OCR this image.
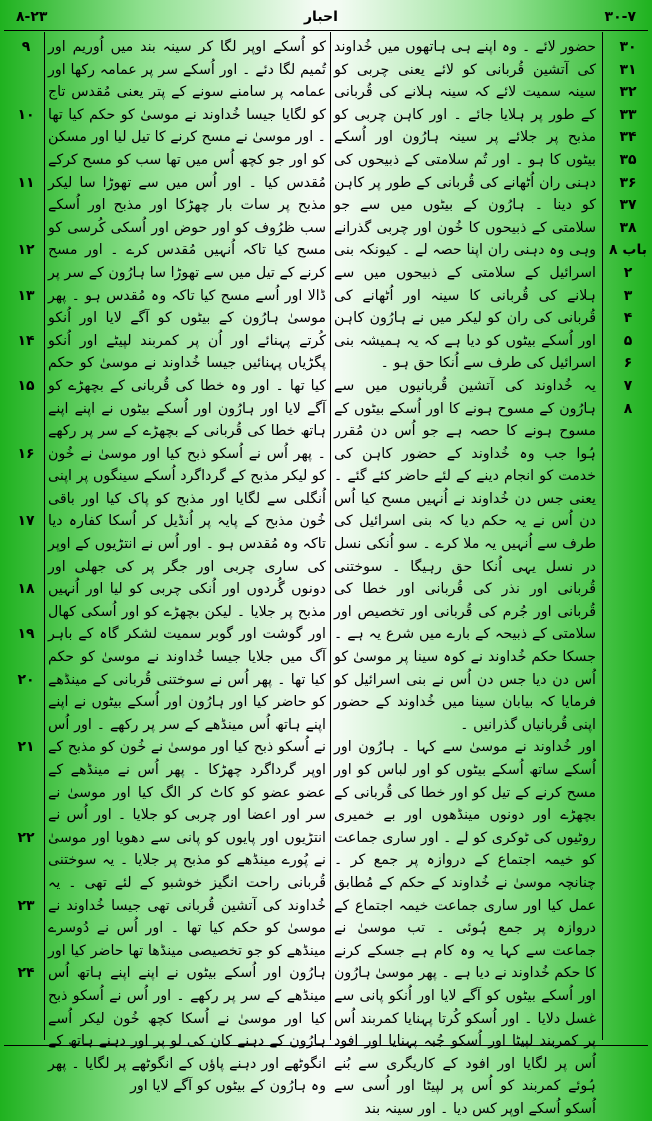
۸-۲۳	احبار	۳۰-۷
۳۰
۳۱
۳۲
۳۳
۳۴
۳۵
۳۶
۳۷
۳۸
باب ۸
۲
۳
۴
۵
۶
۷
۸
۹
۱۰
۱۱
۱۲
۱۳
۱۴
۱۵
۱۶
۱۷
۱۸
۱۹
۲۰
۲۱
۲۲
۲۳
۲۴

حضور لائے ۔ وہ اپنے ہی ہاتھوں میں خُداوند کی آتشین قُربانی کو لائے یعنی چربی کو سینہ سمیت لائے کہ سینہ ہلانے کی قُربانی کے طور پر ہلایا جائے ۔ اور کاہن چربی کو مذبح پر جلائے پر سینہ ہارُون اور اُسکے بیٹوں کا ہو ۔ اور تُم سلامتی کے ذبیحوں کی دہنی ران اُٹھانے کی قُربانی کے طور پر کاہن کو دینا ۔ ہارُون کے بیٹوں میں سے جو سلامتی کے ذبیحوں کا خُون اور چربی گذرانے وہی وہ دہنی ران اپنا حصہ لے ۔ کیونکہ بنی اسرائیل کے سلامتی کے ذبیحوں میں سے ہلانے کی قُربانی کا سینہ اور اُٹھانے کی قُربانی کی ران کو لیکر میں نے ہارُون کاہن اور اُسکے بیٹوں کو دیا ہے کہ یہ ہمیشہ بنی اسرائیل کی طرف سے اُنکا حق ہو ۔

یہ خُداوند کی آتشین قُربانیوں میں سے ہارُون کے مسوح ہونے کا اور اُسکے بیٹوں کے مسوح ہونے کا حصہ ہے جو اُس دن مُقرر ہُوا جب وہ خُداوند کے حضور کاہن کی خدمت کو انجام دینے کے لئے حاضر کئے گئے ۔ یعنی جس دن خُداوند نے اُنہیں مسح کیا اُس دن اُس نے یہ حکم دیا کہ بنی اسرائیل کی طرف سے اُنہیں یہ ملا کرے ۔ سو اُنکی نسل در نسل یہی اُنکا حق رہیگا ۔ سوختنی قُربانی اور نذر کی قُربانی اور خطا کی قُربانی اور جُرم کی قُربانی اور تخصیص اور سلامتی کے ذبیحہ کے بارے میں شرع یہ ہے ۔ جسکا حکم خُداوند نے کوہ سینا پر موسیٰ کو اُس دن دیا جس دن اُس نے بنی اسرائیل کو فرمایا کہ بیابان سینا میں خُداوند کے حضور اپنی قُربانیاں گذرانیں ۔

اور خُداوند نے موسیٰ سے کہا ۔ ہارُون اور اُسکے ساتھ اُسکے بیٹوں کو اور لباس کو اور مسح کرنے کے تیل کو اور خطا کی قُربانی کے بچھڑے اور دونوں مینڈھوں اور بے خمیری روٹیوں کی ٹوکری کو لے ۔ اور ساری جماعت کو خیمہ اجتماع کے دروازہ پر جمع کر ۔ چنانچہ موسیٰ نے خُداوند کے حکم کے مُطابق عمل کیا اور ساری جماعت خیمہ اجتماع کے دروازہ پر جمع ہُوئی ۔ تب موسیٰ نے جماعت سے کہا یہ وہ کام ہے جسکے کرنے کا حکم خُداوند نے دیا ہے ۔ پھر موسیٰ ہارُون اور اُسکے بیٹوں کو آگے لایا اور اُنکو پانی سے غسل دلایا ۔ اور اُسکو کُرتا پہنایا کمربند اُس پر کمربند لپیٹا اور اُسکو جُبہ پہنایا اور افود اُس پر لگایا اور افود کے کاریگری سے بُنے ہُوئے کمربند کو اُس پر لپیٹا اور اُسی سے اُسکو اُسکے اوپر کس دیا ۔ اور سینہ بند

کو اُسکے اوپر لگا کر سینہ بند میں اُوریم اور تُمیم لگا دئے ۔ اور اُسکے سر پر عمامہ رکھا اور عمامہ پر سامنے سونے کے پتر یعنی مُقدس تاج کو لگایا جیسا خُداوند نے موسیٰ کو حکم کیا تھا ۔ اور موسیٰ نے مسح کرنے کا تیل لیا اور مسکن کو اور جو کچھ اُس میں تھا سب کو مسح کرکے مُقدس کیا ۔ اور اُس میں سے تھوڑا سا لیکر مذبح پر سات بار چھڑکا اور مذبح اور اُسکے سب ظرُوف کو اور حوض اور اُسکی کُرسی کو مسح کیا تاکہ اُنہیں مُقدس کرے ۔ اور مسح کرنے کے تیل میں سے تھوڑا سا ہارُون کے سر پر ڈالا اور اُسے مسح کیا تاکہ وہ مُقدس ہو ۔ پھر موسیٰ ہارُون کے بیٹوں کو آگے لایا اور اُنکو کُرتے پہنائے اور اُن پر کمربند لپیٹے اور اُنکو پگڑیاں پہنائیں جیسا خُداوند نے موسیٰ کو حکم کیا تھا ۔ اور وہ خطا کی قُربانی کے بچھڑے کو آگے لایا اور ہارُون اور اُسکے بیٹوں نے اپنے اپنے ہاتھ خطا کی قُربانی کے بچھڑے کے سر پر رکھے ۔ پھر اُس نے اُسکو ذبح کیا اور موسیٰ نے خُون کو لیکر مذبح کے گرداگرد اُسکے سینگوں پر اپنی اُنگلی سے لگایا اور مذبح کو پاک کیا اور باقی خُون مذبح کے پایہ پر اُنڈیل کر اُسکا کفارہ دیا تاکہ وہ مُقدس ہو ۔ اور اُس نے انتڑیوں کے اوپر کی ساری چربی اور جگر پر کی جھلی اور دونوں گُردوں اور اُنکی چربی کو لیا اور اُنہیں مذبح پر جلایا ۔ لیکن بچھڑے کو اور اُسکی کھال اور گوشت اور گوبر سمیت لشکر گاہ کے باہر آگ میں جلایا جیسا خُداوند نے موسیٰ کو حکم کیا تھا ۔ پھر اُس نے سوختنی قُربانی کے مینڈھے کو حاضر کیا اور ہارُون اور اُسکے بیٹوں نے اپنے اپنے ہاتھ اُس مینڈھے کے سر پر رکھے ۔ اور اُس نے اُسکو ذبح کیا اور موسیٰ نے خُون کو مذبح کے اوپر گرداگرد چھڑکا ۔ پھر اُس نے مینڈھے کے عضو عضو کو کاٹ کر الگ کیا اور موسیٰ نے سر اور اعضا اور چربی کو جلایا ۔ اور اُس نے انتڑیوں اور پایوں کو پانی سے دھویا اور موسیٰ نے پُورے مینڈھے کو مذبح پر جلایا ۔ یہ سوختنی قُربانی راحت انگیز خوشبو کے لئے تھی ۔ یہ خُداوند کی آتشین قُربانی تھی جیسا خُداوند نے موسیٰ کو حکم کیا تھا ۔ اور اُس نے دُوسرے مینڈھے کو جو تخصیصی مینڈھا تھا حاضر کیا اور ہارُون اور اُسکے بیٹوں نے اپنے اپنے ہاتھ اُس مینڈھے کے سر پر رکھے ۔ اور اُس نے اُسکو ذبح کیا اور موسیٰ نے اُسکا کچھ خُون لیکر اُسے ہارُون کے دہنے کان کی لو پر اور دہنے ہاتھ کے انگوٹھے اور دہنے پاؤں کے انگوٹھے پر لگایا ۔ پھر وہ ہارُون کے بیٹوں کو آگے لایا اور
